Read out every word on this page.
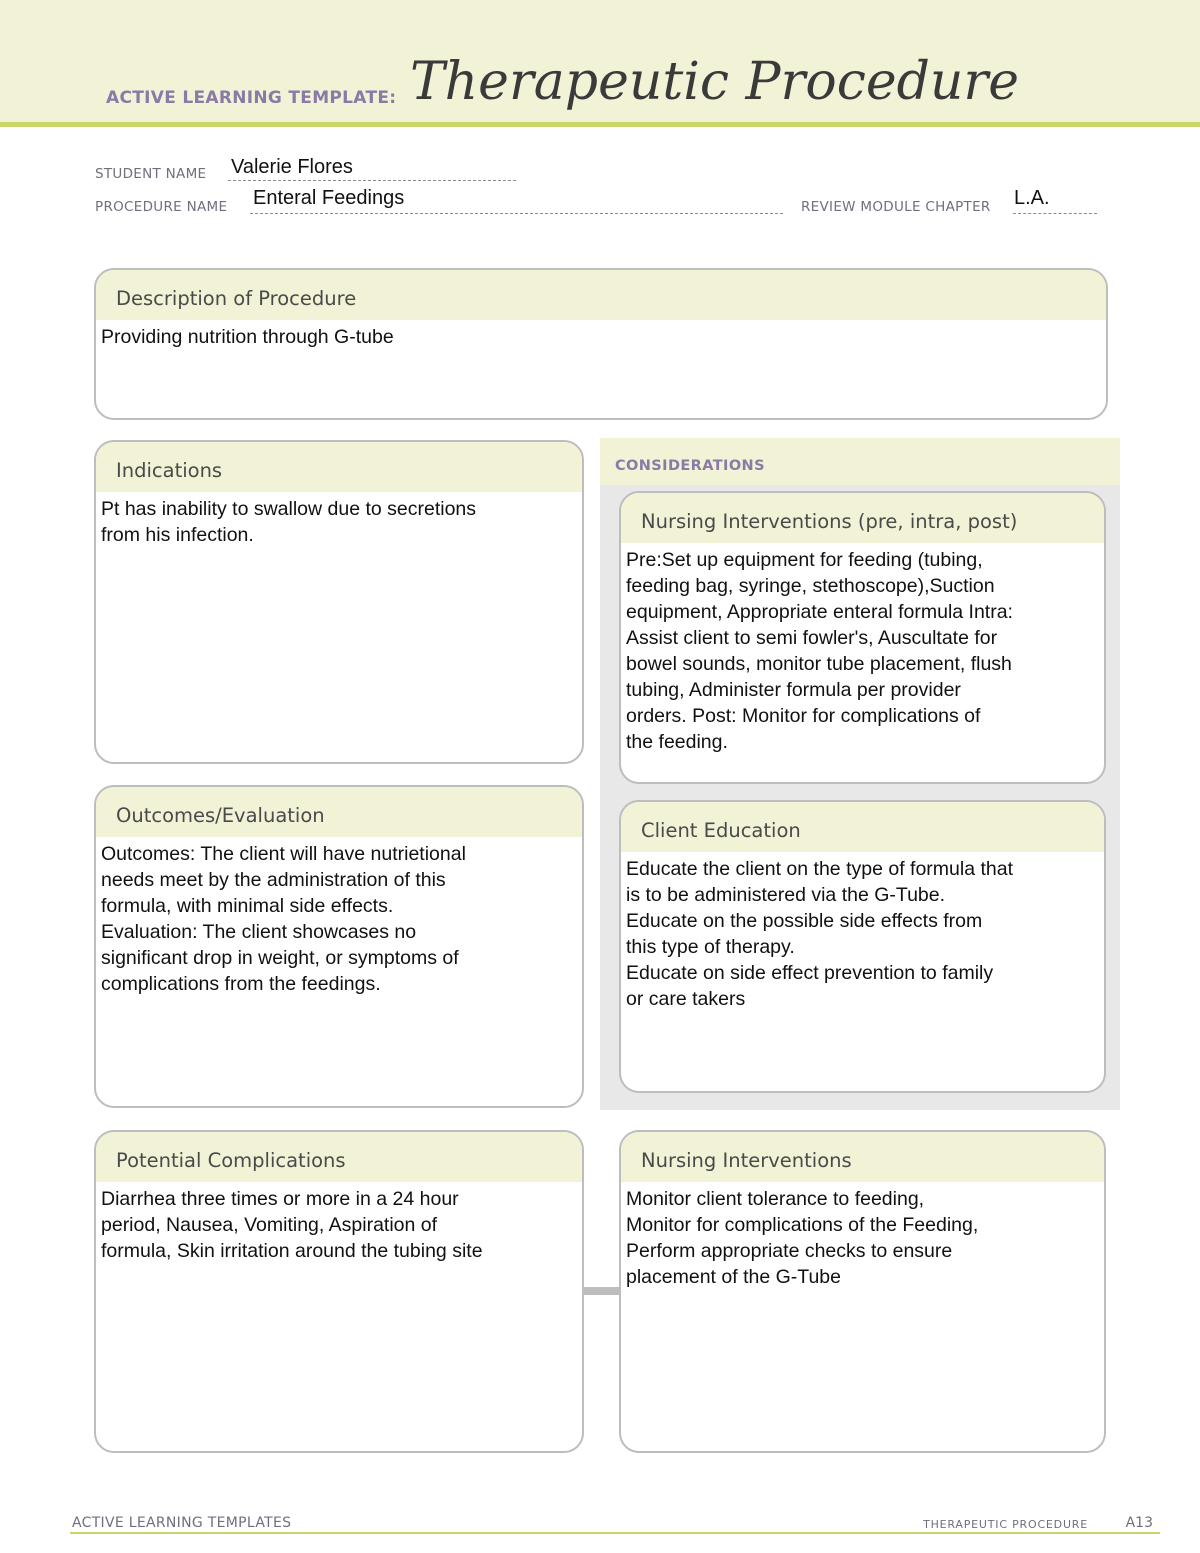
ACTIVE LEARNING TEMPLATE: Therapeutic Procedure
STUDENT NAME Valerie Flores
PROCEDURE NAME Enteral Feedings	REVIEW MODULE CHAPTER L.A.
Description of Procedure
Providing nutrition through G-tube
Indications
Pt has inability to swallow due to secretions
from his infection.
Outcomes/Evaluation
Outcomes: The client will have nutrietional
needs meet by the administration of this
formula, with minimal side effects.
Evaluation: The client showcases no
significant drop in weight, or symptoms of
complications from the feedings.
CONSIDERATIONS
Nursing Interventions (pre, intra, post)
Pre:Set up equipment for feeding (tubing,
feeding bag, syringe, stethoscope),Suction
equipment, Appropriate enteral formula Intra:
Assist client to semi fowler's, Auscultate for
bowel sounds, monitor tube placement, flush
tubing, Administer formula per provider
orders. Post: Monitor for complications of
the feeding.
Client Education
Educate the client on the type of formula that
is to be administered via the G-Tube.
Educate on the possible side effects from
this type of therapy.
Educate on side effect prevention to family
or care takers
Potential Complications
Diarrhea three times or more in a 24 hour
period, Nausea, Vomiting, Aspiration of
formula, Skin irritation around the tubing site
Nursing Interventions
Monitor client tolerance to feeding,
Monitor for complications of the Feeding,
Perform appropriate checks to ensure
placement of the G-Tube
ACTIVE LEARNING TEMPLATES	THERAPEUTIC PROCEDURE	A13
